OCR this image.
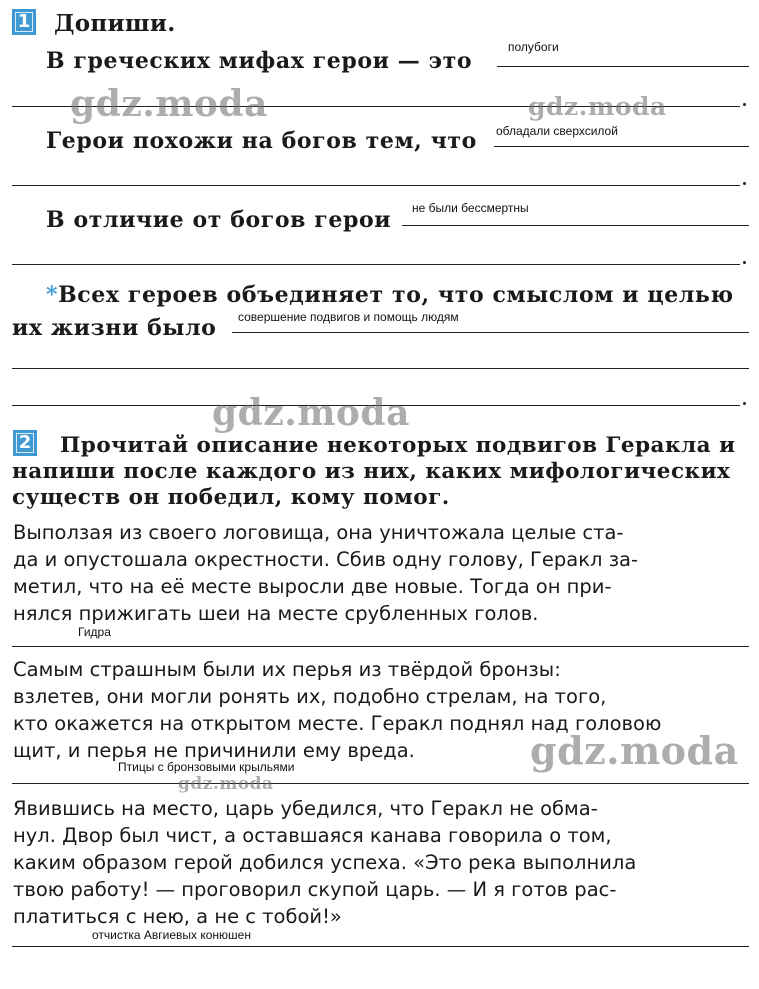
1 Допиши.
В греческих мифах герои — это
полубоги
Герои похожи на богов тем, что обладали сверхсилой
В отличие от богов герои не были бессмертны
*Всех героев объединяет то, что смыслом и целью
их жизни было совершение подвигов и помощь людям
2 Прочитай описание некоторых подвигов Геракла и
напиши после каждого из них, каких мифологических
существ он победил, кому помог.
Выползая из своего логовища, она уничтожала целые ста-
да и опустошала окрестности. Сбив одну голову, Геракл за-
метил, что на её месте выросли две новые. Тогда он при-
нялся прижигать шеи на месте срубленных голов.
Гидра
Самым страшным были их перья из твёрдой бронзы:
взлетев, они могли ронять их, подобно стрелам, на того,
кто окажется на открытом месте. Геракл поднял над головою
щит, и перья не причинили ему вреда.
Птицы с бронзовыми крыльями
Явившись на место, царь убедился, что Геракл не обма-
нул. Двор был чист, а оставшаяся канава говорила о том,
каким образом герой добился успеха. «Это река выполнила
твою работу! — проговорил скупой царь. — И я готов рас-
платиться с нею, а не с тобой!»
отчистка Авгиевых конюшен
gdz.moda	gdz.moda
gdz.moda
gdz.moda
gdz.moda
